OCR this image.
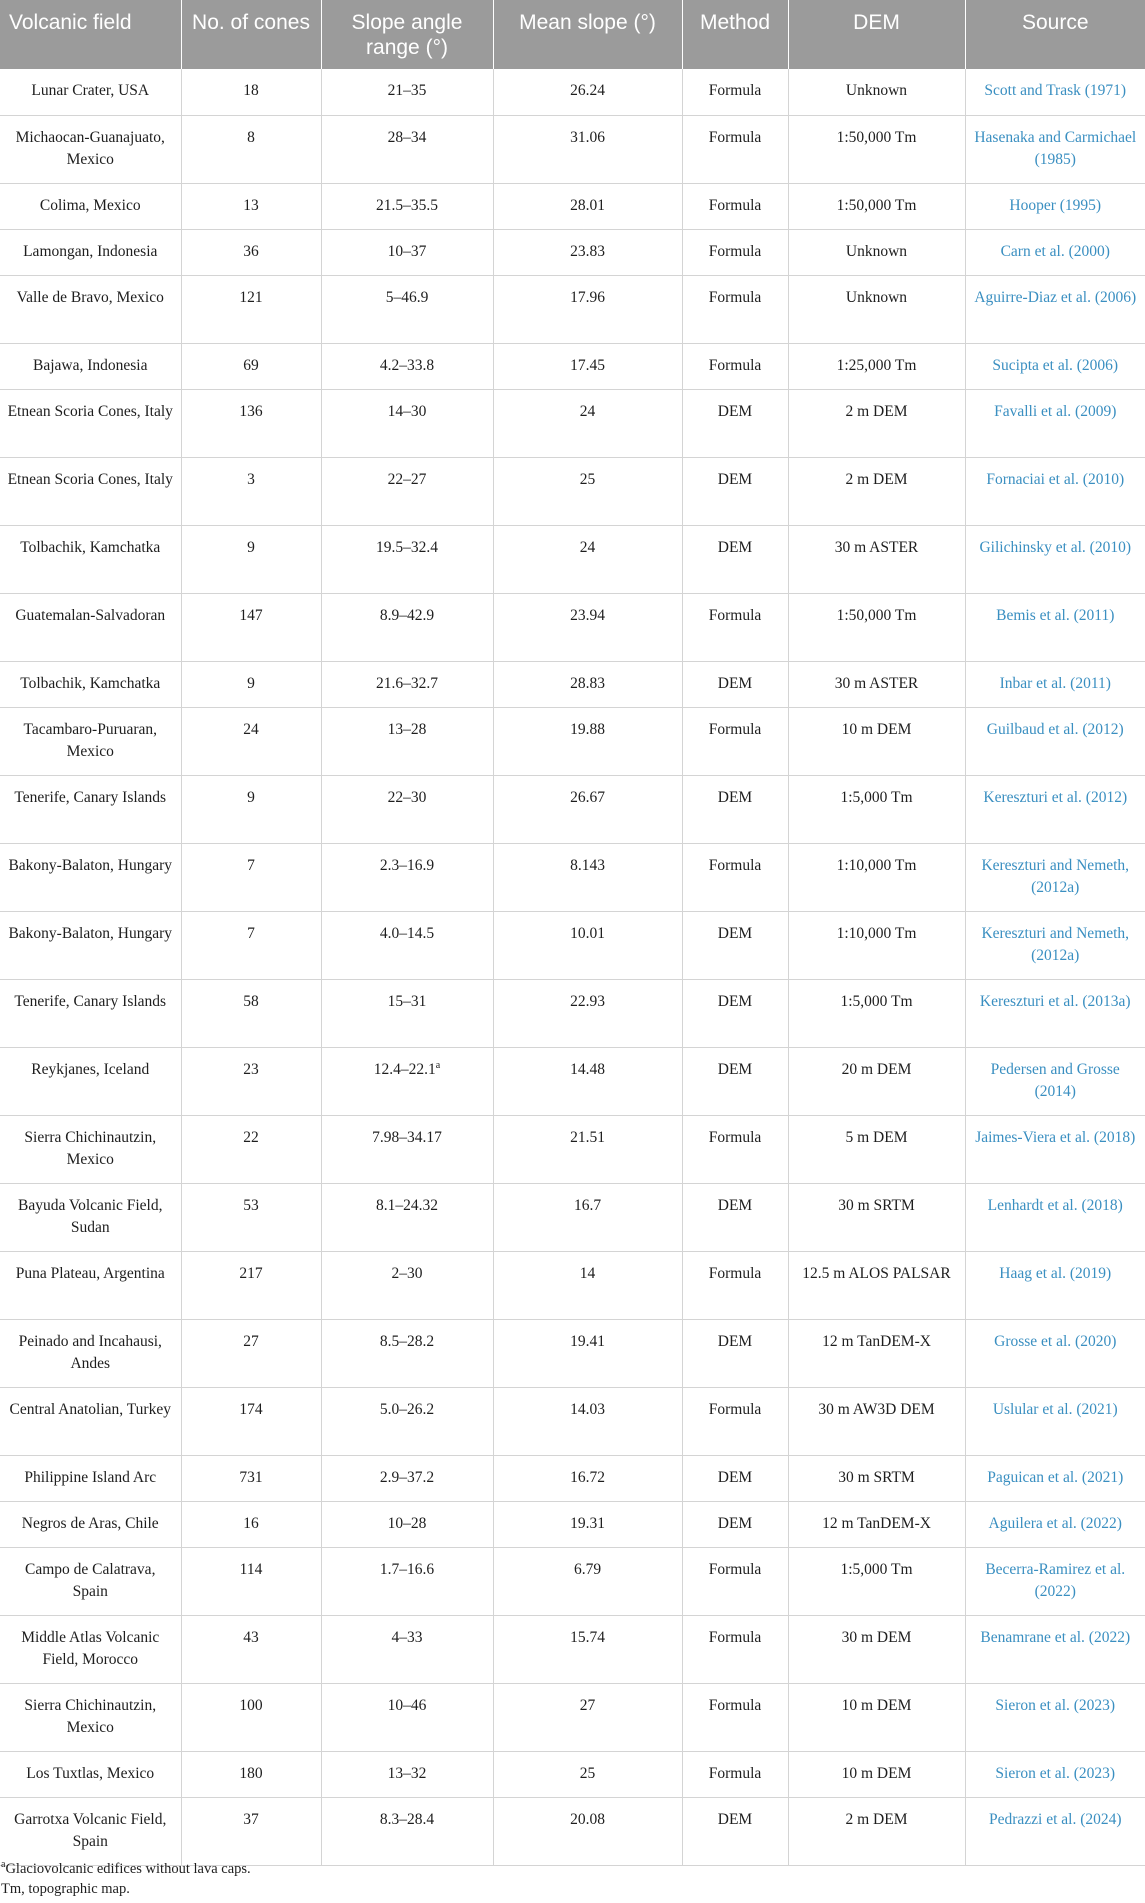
Volcanic field	No. of cones	Slope angle range (°)	Mean slope (°)	Method	DEM	Source
Lunar Crater, USA	18	21–35	26.24	Formula	Unknown	Scott and Trask (1971)
Michaocan-Guanajuato, Mexico	8	28–34	31.06	Formula	1:50,000 Tm	Hasenaka and Carmichael (1985)
Colima, Mexico	13	21.5–35.5	28.01	Formula	1:50,000 Tm	Hooper (1995)
Lamongan, Indonesia	36	10–37	23.83	Formula	Unknown	Carn et al. (2000)
Valle de Bravo, Mexico	121	5–46.9	17.96	Formula	Unknown	Aguirre-Diaz et al. (2006)
Bajawa, Indonesia	69	4.2–33.8	17.45	Formula	1:25,000 Tm	Sucipta et al. (2006)
Etnean Scoria Cones, Italy	136	14–30	24	DEM	2 m DEM	Favalli et al. (2009)
Etnean Scoria Cones, Italy	3	22–27	25	DEM	2 m DEM	Fornaciai et al. (2010)
Tolbachik, Kamchatka	9	19.5–32.4	24	DEM	30 m ASTER	Gilichinsky et al. (2010)
Guatemalan-Salvadoran	147	8.9–42.9	23.94	Formula	1:50,000 Tm	Bemis et al. (2011)
Tolbachik, Kamchatka	9	21.6–32.7	28.83	DEM	30 m ASTER	Inbar et al. (2011)
Tacambaro-Puruaran, Mexico	24	13–28	19.88	Formula	10 m DEM	Guilbaud et al. (2012)
Tenerife, Canary Islands	9	22–30	26.67	DEM	1:5,000 Tm	Kereszturi et al. (2012)
Bakony-Balaton, Hungary	7	2.3–16.9	8.143	Formula	1:10,000 Tm	Kereszturi and Nemeth, (2012a)
Bakony-Balaton, Hungary	7	4.0–14.5	10.01	DEM	1:10,000 Tm	Kereszturi and Nemeth, (2012a)
Tenerife, Canary Islands	58	15–31	22.93	DEM	1:5,000 Tm	Kereszturi et al. (2013a)
Reykjanes, Iceland	23	12.4–22.1$^a$	14.48	DEM	20 m DEM	Pedersen and Grosse (2014)
Sierra Chichinautzin, Mexico	22	7.98–34.17	21.51	Formula	5 m DEM	Jaimes-Viera et al. (2018)
Bayuda Volcanic Field, Sudan	53	8.1–24.32	16.7	DEM	30 m SRTM	Lenhardt et al. (2018)
Puna Plateau, Argentina	217	2–30	14	Formula	12.5 m ALOS PALSAR	Haag et al. (2019)
Peinado and Incahausi, Andes	27	8.5–28.2	19.41	DEM	12 m TanDEM-X	Grosse et al. (2020)
Central Anatolian, Turkey	174	5.0–26.2	14.03	Formula	30 m AW3D DEM	Uslular et al. (2021)
Philippine Island Arc	731	2.9–37.2	16.72	DEM	30 m SRTM	Paguican et al. (2021)
Negros de Aras, Chile	16	10–28	19.31	DEM	12 m TanDEM-X	Aguilera et al. (2022)
Campo de Calatrava, Spain	114	1.7–16.6	6.79	Formula	1:5,000 Tm	Becerra-Ramirez et al. (2022)
Middle Atlas Volcanic Field, Morocco	43	4–33	15.74	Formula	30 m DEM	Benamrane et al. (2022)
Sierra Chichinautzin, Mexico	100	10–46	27	Formula	10 m DEM	Sieron et al. (2023)
Los Tuxtlas, Mexico	180	13–32	25	Formula	10 m DEM	Sieron et al. (2023)
Garrotxa Volcanic Field, Spain	37	8.3–28.4	20.08	DEM	2 m DEM	Pedrazzi et al. (2024)
$^a$Glaciovolcanic edifices without lava caps.
Tm, topographic map.
